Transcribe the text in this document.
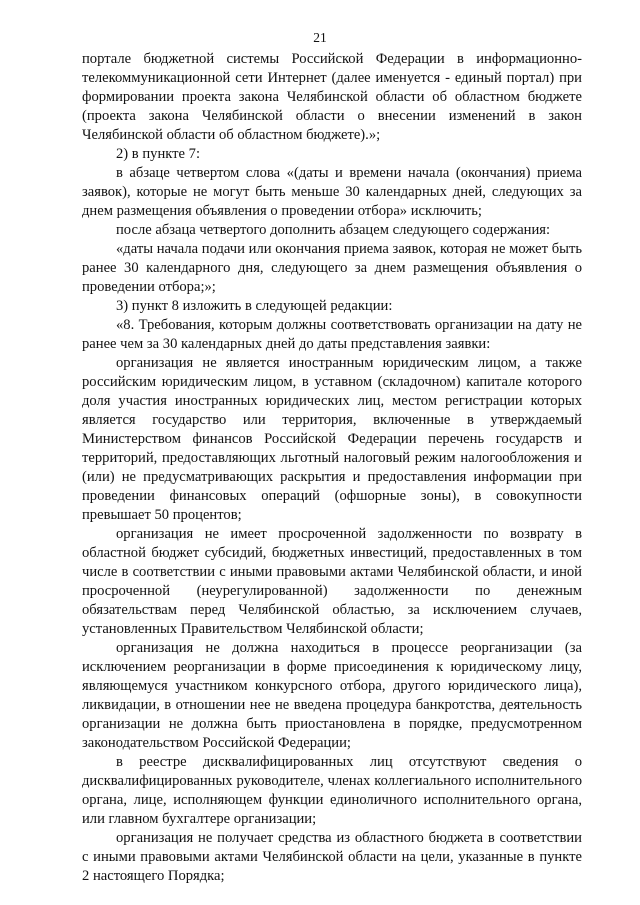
21

портале бюджетной системы Российской Федерации в информационно-телекоммуникационной сети Интернет (далее именуется - единый портал) при формировании проекта закона Челябинской области об областном бюджете (проекта закона Челябинской области о внесении изменений в закон Челябинской области об областном бюджете).»;

2) в пункте 7:

в абзаце четвертом слова «(даты и времени начала (окончания) приема заявок), которые не могут быть меньше 30 календарных дней, следующих за днем размещения объявления о проведении отбора» исключить;

после абзаца четвертого дополнить абзацем следующего содержания:

«даты начала подачи или окончания приема заявок, которая не может быть ранее 30 календарного дня, следующего за днем размещения объявления о проведении отбора;»;

3) пункт 8 изложить в следующей редакции:

«8. Требования, которым должны соответствовать организации на дату не ранее чем за 30 календарных дней до даты представления заявки:

организация не является иностранным юридическим лицом, а также российским юридическим лицом, в уставном (складочном) капитале которого доля участия иностранных юридических лиц, местом регистрации которых является государство или территория, включенные в утверждаемый Министерством финансов Российской Федерации перечень государств и территорий, предоставляющих льготный налоговый режим налогообложения и (или) не предусматривающих раскрытия и предоставления информации при проведении финансовых операций (офшорные зоны), в совокупности превышает 50 процентов;

организация не имеет просроченной задолженности по возврату в областной бюджет субсидий, бюджетных инвестиций, предоставленных в том числе в соответствии с иными правовыми актами Челябинской области, и иной просроченной (неурегулированной) задолженности по денежным обязательствам перед Челябинской областью, за исключением случаев, установленных Правительством Челябинской области;

организация не должна находиться в процессе реорганизации (за исключением реорганизации в форме присоединения к юридическому лицу, являющемуся участником конкурсного отбора, другого юридического лица), ликвидации, в отношении нее не введена процедура банкротства, деятельность организации не должна быть приостановлена в порядке, предусмотренном законодательством Российской Федерации;

в реестре дисквалифицированных лиц отсутствуют сведения о дисквалифицированных руководителе, членах коллегиального исполнительного органа, лице, исполняющем функции единоличного исполнительного органа, или главном бухгалтере организации;

организация не получает средства из областного бюджета в соответствии с иными правовыми актами Челябинской области на цели, указанные в пункте 2 настоящего Порядка;
